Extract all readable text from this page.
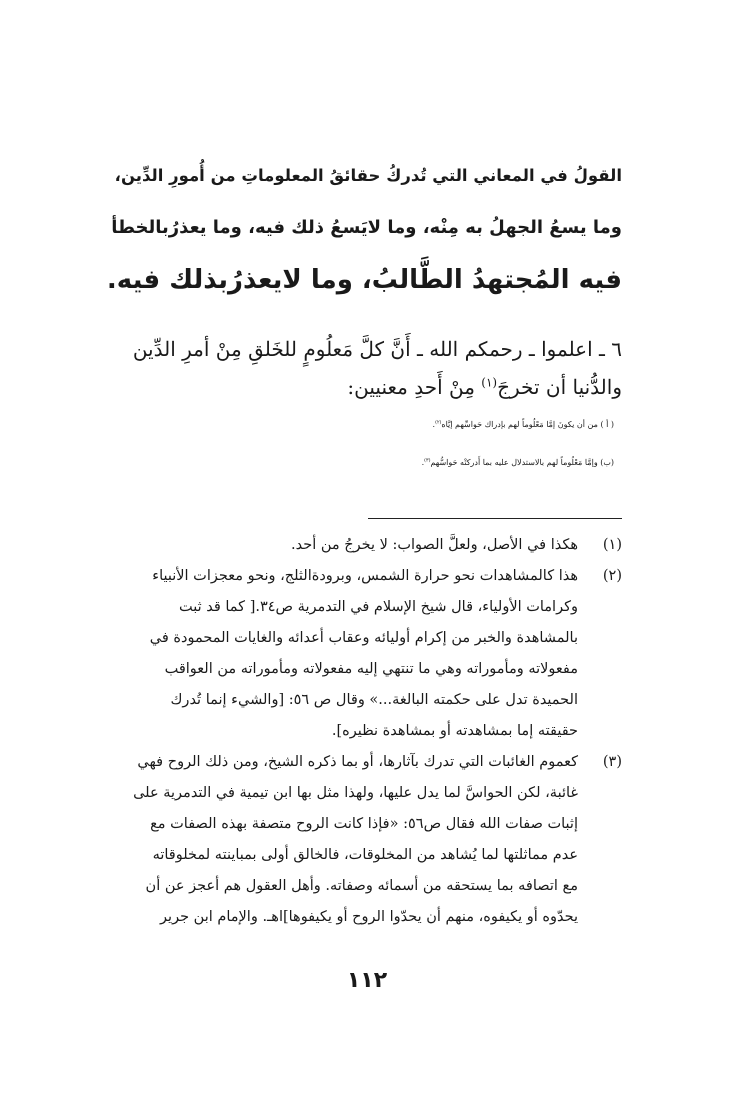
القولُ في المعاني التي تُدركُ حقائقُ المعلوماتِ من أُمورِ الدِّين،
وما يسعُ الجهلُ به مِنْه، وما لايَسعُ ذلك فيه، وما يعذرُبالخطأ
فيه المُجتهدُ الطَّالبُ، وما لايعذرُبذلك فيه.
٦ ـ اعلموا ـ رحمكم الله ـ أَنَّ كلَّ مَعلُومٍ للخَلقِ مِنْ أمرِ الدِّين
والدُّنيا أن تخرجَ$^{(١)}$ مِنْ أَحدِ معنيين:
( أ ) من أن يكونَ إمَّا مَعْلُوماً لهم بإدراك حَواسِّهم إيَّاه$^{(٢)}$.
(ب) وإمَّا مَعْلُوماً لهم بالاستدلال عليه بما أَدركتْه حَواسُّهم$^{(٣)}$.
(١)
هكذا في الأصل، ولعلَّ الصواب: لا يخرجُ من أحد.
(٢)
هذا كالمشاهدات نحو حرارة الشمس، وبرودةالثلج، ونحو معجزات الأنبياء
وكرامات الأولياء، قال شيخ الإسلام في التدمرية ص٣٤.[ كما قد ثبت
بالمشاهدة والخبر من إكرام أوليائه وعقاب أعدائه والغايات المحمودة في
مفعولاته ومأموراته وهي ما تنتهي إليه مفعولاته ومأموراته من العواقب
الحميدة تدل على حكمته البالغة...» وقال ص ٥٦: [والشيء إنما تُدرك
حقيقته إما بمشاهدته أو بمشاهدة نظيره].
(٣)
كعموم الغائبات التي تدرك بآثارها، أو بما ذكره الشيخ، ومن ذلك الروح فهي
غائبة، لكن الحواسَّ لما يدل عليها، ولهذا مثل بها ابن تيمية في التدمرية على
إثبات صفات الله فقال ص٥٦: «فإذا كانت الروح متصفة بهذه الصفات مع
عدم مماثلتها لما يُشاهد من المخلوقات، فالخالق أولى بمباينته لمخلوقاته
مع اتصافه بما يستحقه من أسمائه وصفاته. وأهل العقول هم أعجز عن أن
يحدّوه أو يكيفوه، منهم أن يحدّوا الروح أو يكيفوها]اهـ. والإمام ابن جرير
١١٢
